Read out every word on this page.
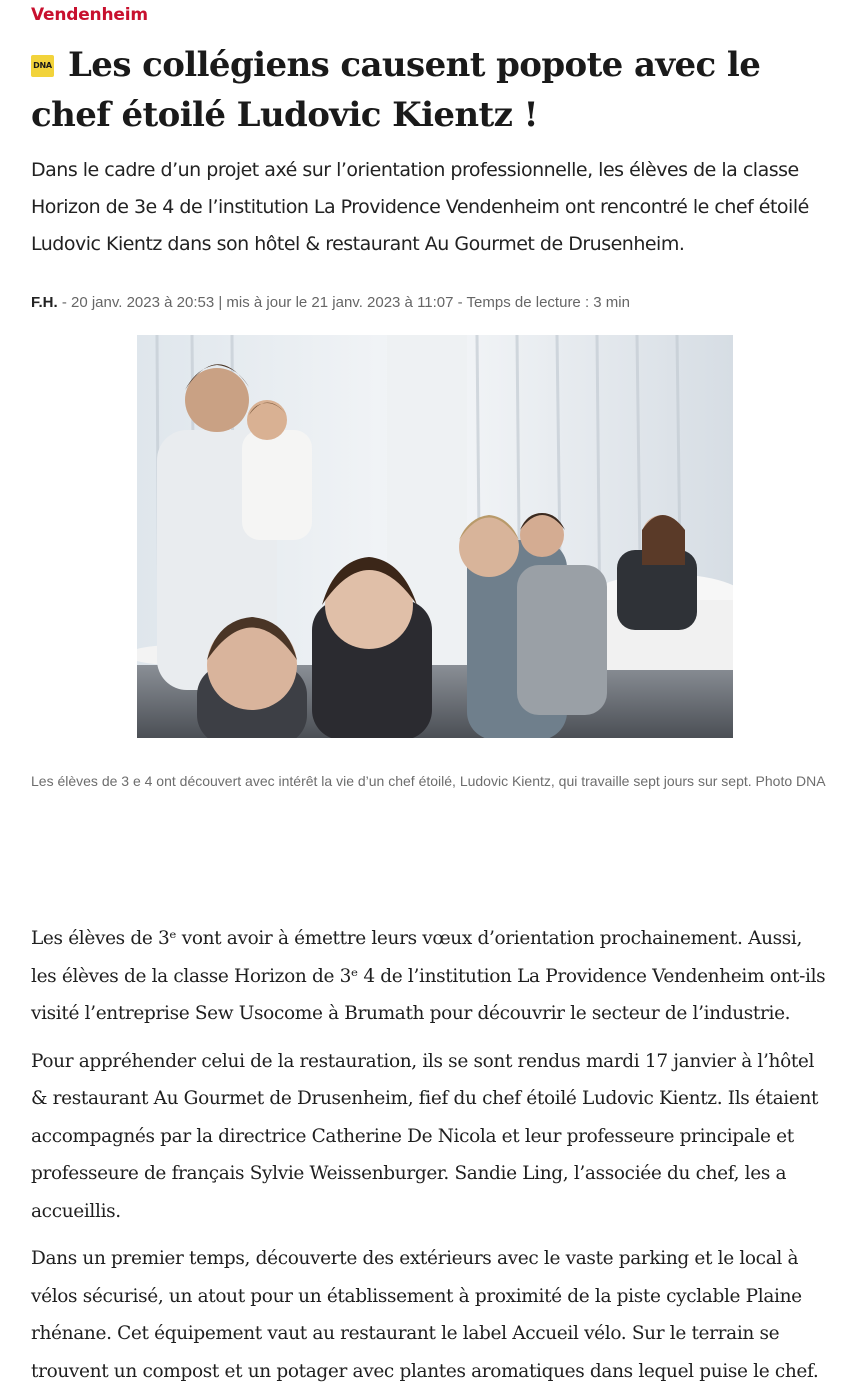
Vendenheim
DNA Les collégiens causent popote avec le chef étoilé Ludovic Kientz !

Dans le cadre d’un projet axé sur l’orientation professionnelle, les élèves de la classe Horizon de 3e 4 de l’institution La Providence Vendenheim ont rencontré le chef étoilé Ludovic Kientz dans son hôtel & restaurant Au Gourmet de Drusenheim.

F.H. - 20 janv. 2023 à 20:53 | mis à jour le 21 janv. 2023 à 11:07 - Temps de lecture : 3 min

Les élèves de 3 e 4 ont découvert avec intérêt la vie d’un chef étoilé, Ludovic Kientz, qui travaille sept jours sur sept. Photo DNA

Les élèves de 3ᵉ vont avoir à émettre leurs vœux d’orientation prochainement. Aussi, les élèves de la classe Horizon de 3ᵉ 4 de l’institution La Providence Vendenheim ont-ils visité l’entreprise Sew Usocome à Brumath pour découvrir le secteur de l’industrie.

Pour appréhender celui de la restauration, ils se sont rendus mardi 17 janvier à l’hôtel & restaurant Au Gourmet de Drusenheim, fief du chef étoilé Ludovic Kientz. Ils étaient accompagnés par la directrice Catherine De Nicola et leur professeure principale et professeure de français Sylvie Weissenburger. Sandie Ling, l’associée du chef, les a accueillis.

Dans un premier temps, découverte des extérieurs avec le vaste parking et le local à vélos sécurisé, un atout pour un établissement à proximité de la piste cyclable Plaine rhénane. Cet équipement vaut au restaurant le label Accueil vélo. Sur le terrain se trouvent un compost et un potager avec plantes aromatiques dans lequel puise le chef.
